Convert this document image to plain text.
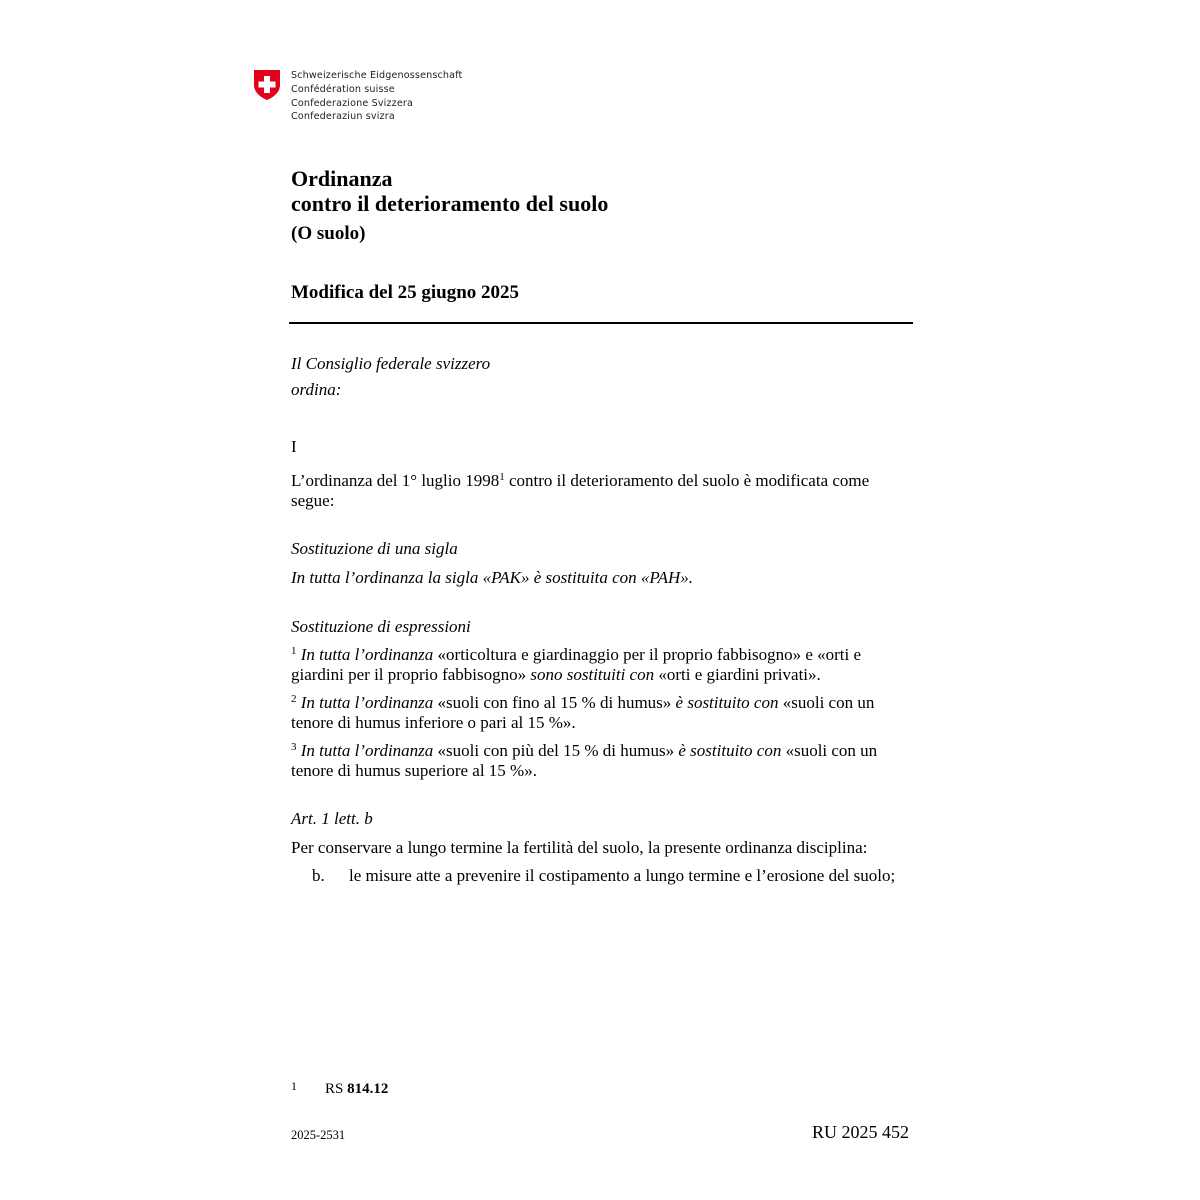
Schweizerische Eidgenossenschaft
Confédération suisse
Confederazione Svizzera
Confederaziun svizra
Ordinanza
contro il deterioramento del suolo
(O suolo)
Modifica del 25 giugno 2025
Il Consiglio federale svizzero
ordina:
I
L’ordinanza del 1° luglio 1998$^1$ contro il deterioramento del suolo è modificata come segue:
Sostituzione di una sigla
In tutta l’ordinanza la sigla «PAK» è sostituita con «PAH».
Sostituzione di espressioni
$^1$ In tutta l’ordinanza «orticoltura e giardinaggio per il proprio fabbisogno» e «orti e giardini per il proprio fabbisogno» sono sostituiti con «orti e giardini privati».
$^2$ In tutta l’ordinanza «suoli con fino al 15 % di humus» è sostituito con «suoli con un tenore di humus inferiore o pari al 15 %».
$^3$ In tutta l’ordinanza «suoli con più del 15 % di humus» è sostituito con «suoli con un tenore di humus superiore al 15 %».
Art. 1 lett. b
Per conservare a lungo termine la fertilità del suolo, la presente ordinanza disciplina:
b. le misure atte a prevenire il costipamento a lungo termine e l’erosione del suolo;
1 RS 814.12
2025-2531	RU 2025 452
